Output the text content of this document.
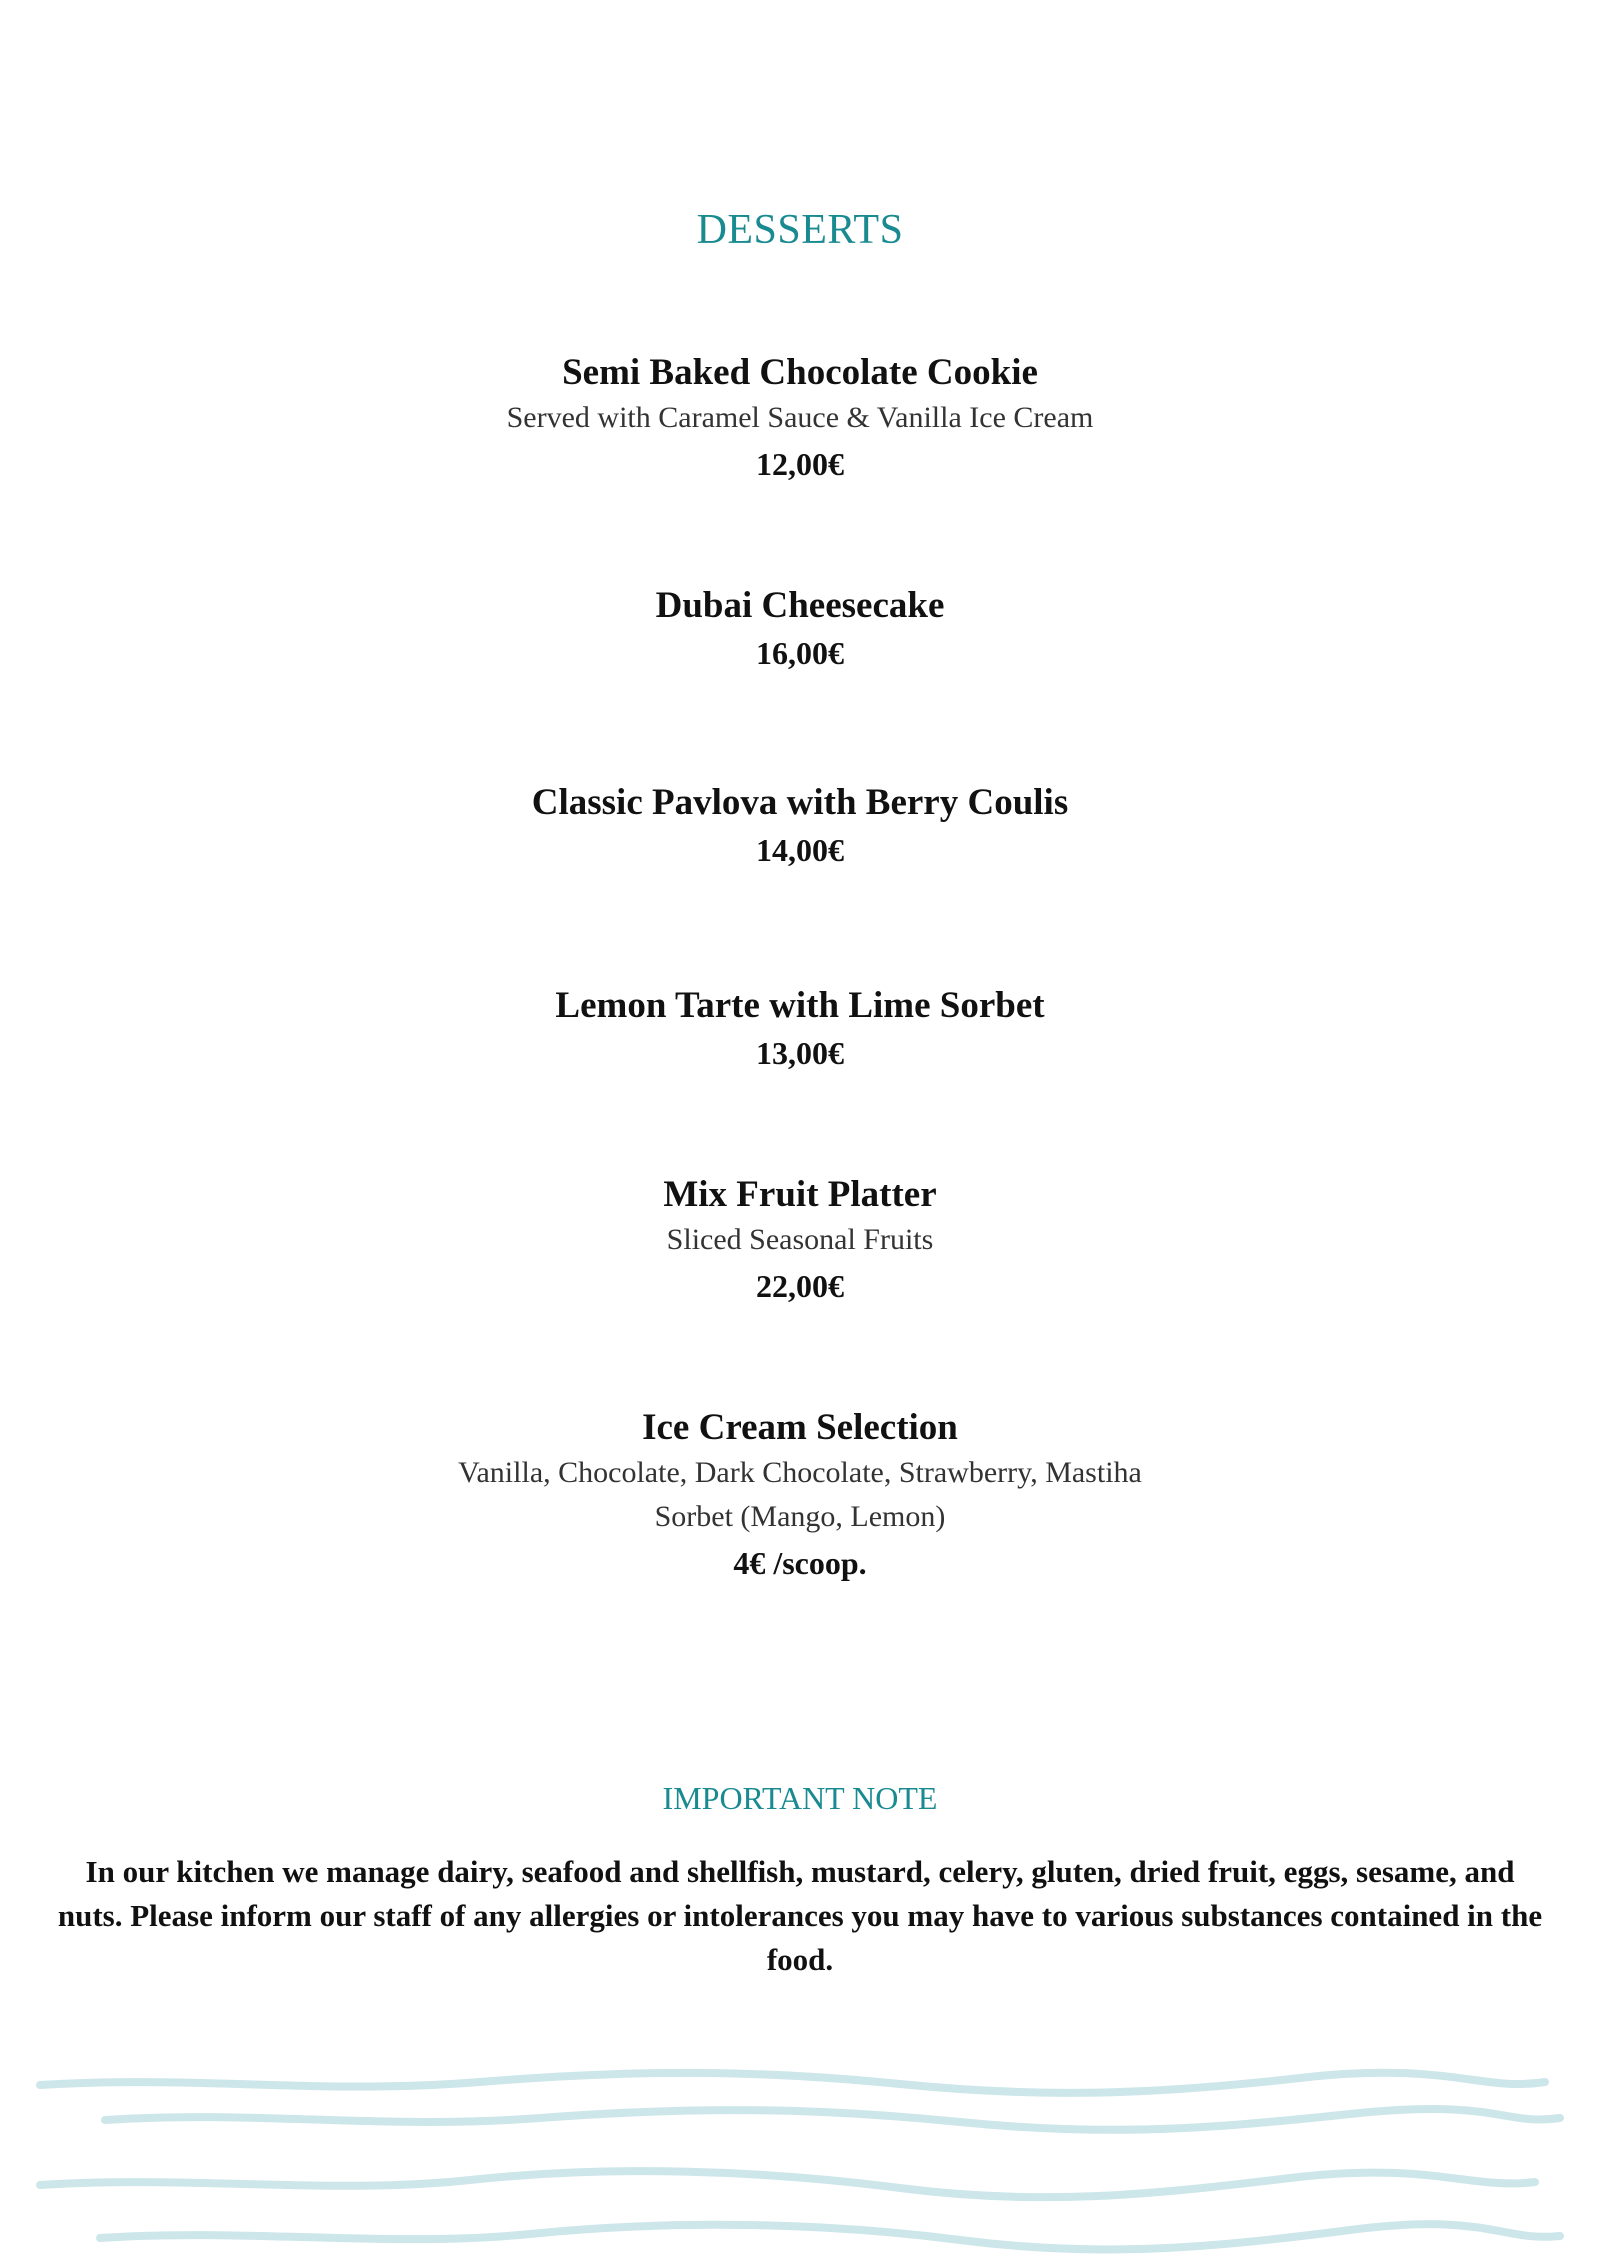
DESSERTS

Semi Baked Chocolate Cookie

Served with Caramel Sauce & Vanilla Ice Cream

12,00€

Dubai Cheesecake

16,00€

Classic Pavlova with Berry Coulis

14,00€

Lemon Tarte with Lime Sorbet

13,00€

Mix Fruit Platter

Sliced Seasonal Fruits

22,00€

Ice Cream Selection

Vanilla, Chocolate, Dark Chocolate, Strawberry, Mastiha Sorbet (Mango, Lemon)

4€ /scoop.

IMPORTANT NOTE

In our kitchen we manage dairy, seafood and shellfish, mustard, celery, gluten, dried fruit, eggs, sesame, and nuts. Please inform our staff of any allergies or intolerances you may have to various substances contained in the food.
